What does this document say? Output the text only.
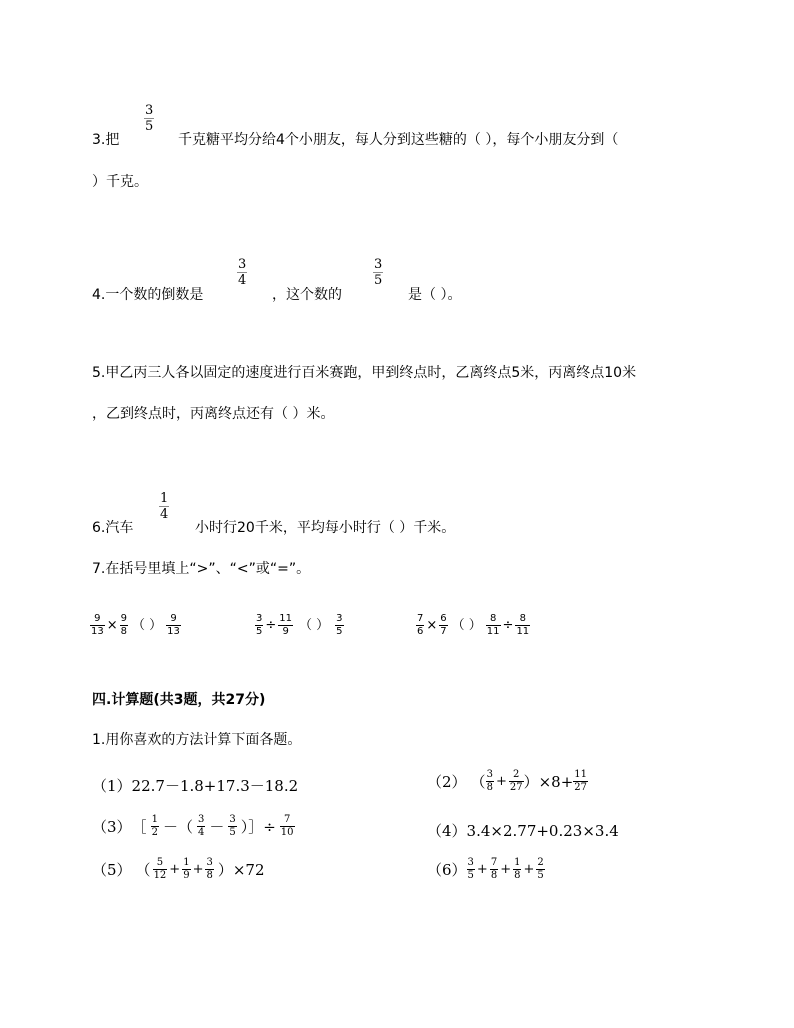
3.把
$\frac{3}{5}$
千克糖平均分给4个小朋友，每人分到这些糖的（ ），每个小朋友分到（
）千克。
4.一个数的倒数是
$\frac{3}{4}$
，这个数的
$\frac{3}{5}$
是（ ）。
5.甲乙丙三人各以固定的速度进行百米赛跑，甲到终点时，乙离终点5米，丙离终点10米
，乙到终点时，丙离终点还有（ ）米。
6.汽车
$\frac{1}{4}$
小时行20千米，平均每小时行（ ）千米。
7.在括号里填上“>”、“<”或“=”。
$\frac{9}{13} \times \frac{9}{8}$ （ ） $\frac{9}{13}$	$\frac{3}{5} \div \frac{11}{9}$ （ ） $\frac{3}{5}$	$\frac{7}{6} \times \frac{6}{7}$ （ ） $\frac{8}{11} \div \frac{8}{11}$
四.计算题(共3题，共27分)
1.用你喜欢的方法计算下面各题。
（1）22.7－1.8+17.3－18.2	（2） （ $\frac{3}{8} + \frac{2}{27} )\times 8+ \frac{11}{27}$
（3） ［ $\frac{1}{2}$ －（ $\frac{3}{4} - \frac{3}{5}$ ）］÷ $\frac{7}{10}$	（4）3.4×2.77+0.23×3.4
（5） （ $\frac{5}{12} + \frac{1}{9} + \frac{3}{8} )\times 72$	$(6) \frac{3}{5} + \frac{7}{8} + \frac{1}{8} + \frac{2}{5}$
